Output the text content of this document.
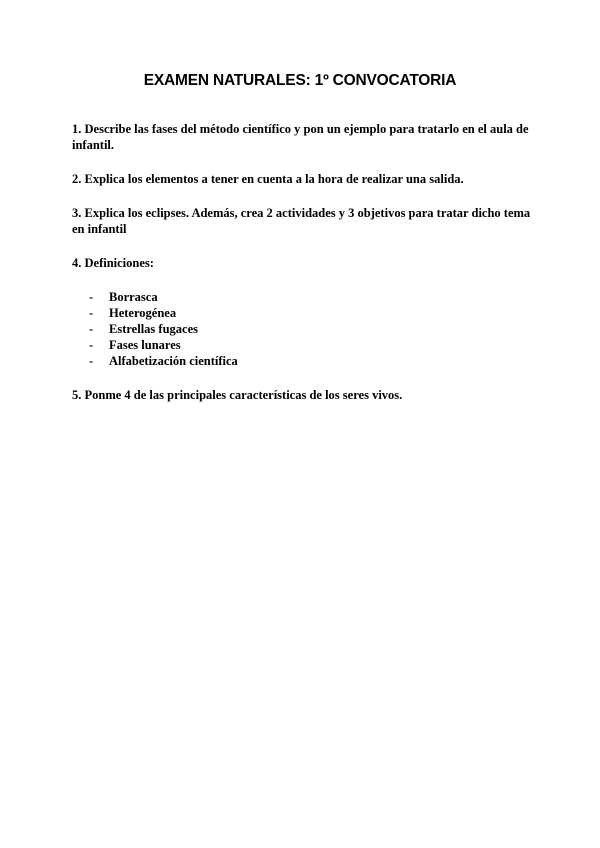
EXAMEN NATURALES: 1º CONVOCATORIA

1. Describe las fases del método científico y pon un ejemplo para tratarlo en el aula de infantil.

2. Explica los elementos a tener en cuenta a la hora de realizar una salida.

3. Explica los eclipses. Además, crea 2 actividades y 3 objetivos para tratar dicho tema en infantil

4. Definiciones:

- Borrasca
- Heterogénea
- Estrellas fugaces
- Fases lunares
- Alfabetización científica

5. Ponme 4 de las principales características de los seres vivos.
